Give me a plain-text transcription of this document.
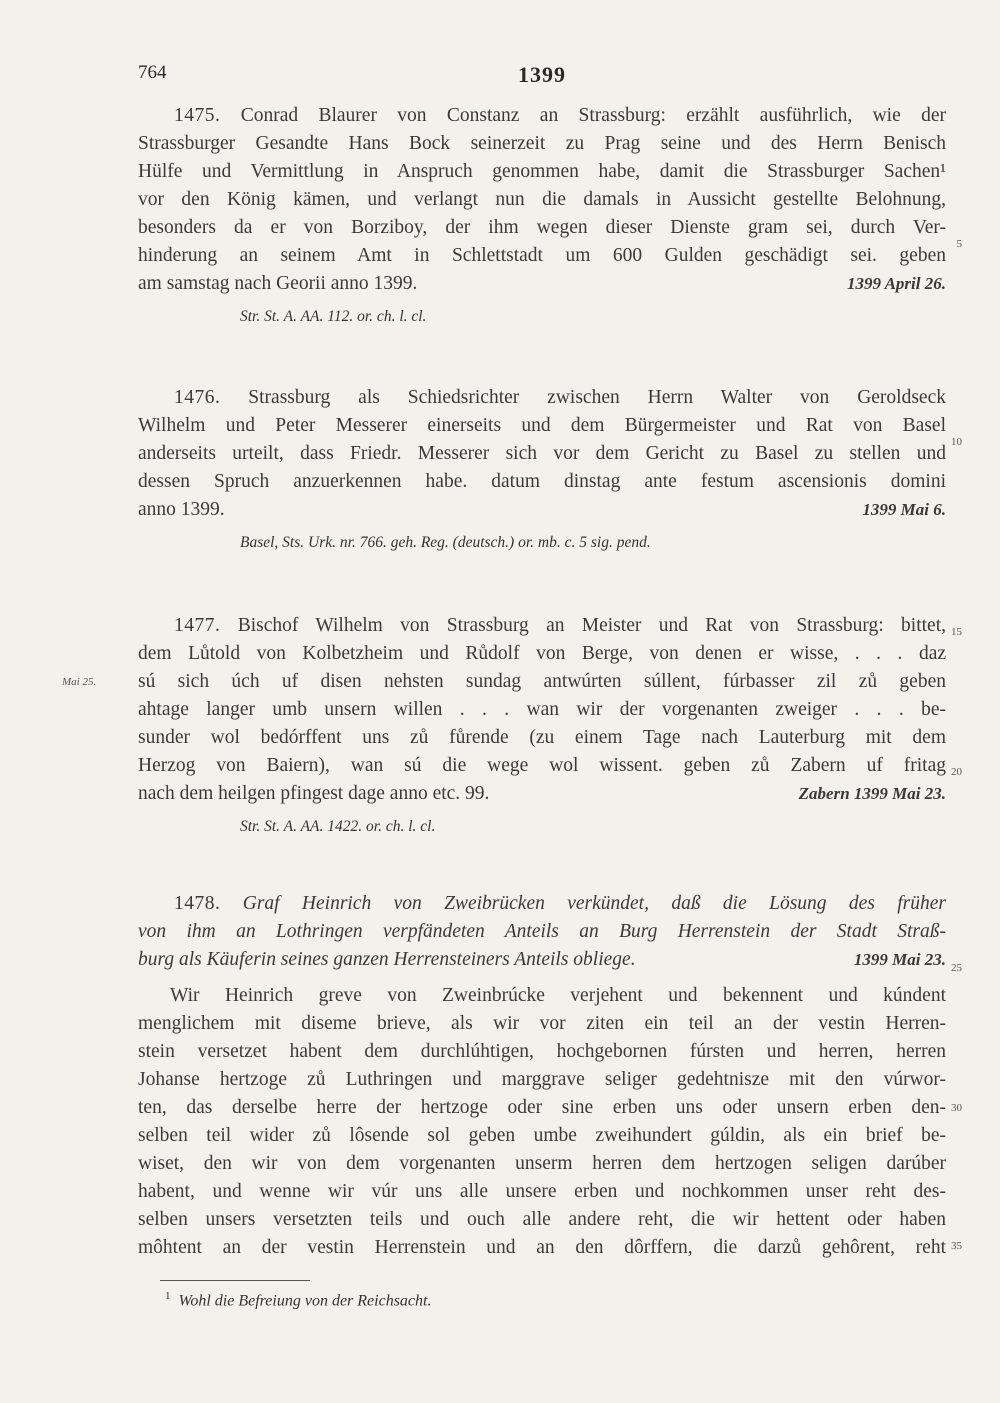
764	1399
1475. Conrad Blaurer von Constanz an Strassburg: erzählt ausführlich, wie der
Strassburger Gesandte Hans Bock seinerzeit zu Prag seine und des Herrn Benisch
Hülfe und Vermittlung in Anspruch genommen habe, damit die Strassburger Sachen¹
vor den König kämen, und verlangt nun die damals in Aussicht gestellte Belohnung,
besonders da er von Borziboy, der ihm wegen dieser Dienste gram sei, durch Ver-
hinderung an seinem Amt in Schlettstadt um 600 Gulden geschädigt sei. geben
am samstag nach Georii anno 1399.	1399 April 26.
Str. St. A. AA. 112. or. ch. l. cl.
1476. Strassburg als Schiedsrichter zwischen Herrn Walter von Geroldseck
Wilhelm und Peter Messerer einerseits und dem Bürgermeister und Rat von Basel
anderseits urteilt, dass Friedr. Messerer sich vor dem Gericht zu Basel zu stellen und
dessen Spruch anzuerkennen habe. datum dinstag ante festum ascensionis domini
anno 1399.	1399 Mai 6.
Basel, Sts. Urk. nr. 766. geh. Reg. (deutsch.) or. mb. c. 5 sig. pend.
1477. Bischof Wilhelm von Strassburg an Meister und Rat von Strassburg: bittet,
dem Lůtold von Kolbetzheim und Růdolf von Berge, von denen er wisse, . . . daz
sú sich úch uf disen nehsten sundag antwúrten súllent, fúrbasser zil zů geben
ahtage langer umb unsern willen . . . wan wir der vorgenanten zweiger . . . be-
sunder wol bedórffent uns zů fůrende (zu einem Tage nach Lauterburg mit dem
Herzog von Baiern), wan sú die wege wol wissent. geben zů Zabern uf fritag
nach dem heilgen pfingest dage anno etc. 99.	Zabern 1399 Mai 23.
Str. St. A. AA. 1422. or. ch. l. cl.
Mai 25.
1478. Graf Heinrich von Zweibrücken verkündet, daß die Lösung des früher
von ihm an Lothringen verpfändeten Anteils an Burg Herrenstein der Stadt Straß-
burg als Käuferin seines ganzen Herrensteiners Anteils obliege.	1399 Mai 23.
Wir Heinrich greve von Zweinbrúcke verjehent und bekennent und kúndent
menglichem mit diseme brieve, als wir vor ziten ein teil an der vestin Herren-
stein versetzet habent dem durchlúhtigen, hochgebornen fúrsten und herren, herren
Johanse hertzoge zů Luthringen und marggrave seliger gedehtnisze mit den vúrwor-
ten, das derselbe herre der hertzoge oder sine erben uns oder unsern erben den-
selben teil wider zů lôsende sol geben umbe zweihundert gúldin, als ein brief be-
wiset, den wir von dem vorgenanten unserm herren dem hertzogen seligen darúber
habent, und wenne wir vúr uns alle unsere erben und nochkommen unser reht des-
selben unsers versetzten teils und ouch alle andere reht, die wir hettent oder haben
môhtent an der vestin Herrenstein und an den dôrffern, die darzů gehôrent, reht
5
10
15
20
25
30
35
$^1$ Wohl die Befreiung von der Reichsacht.
